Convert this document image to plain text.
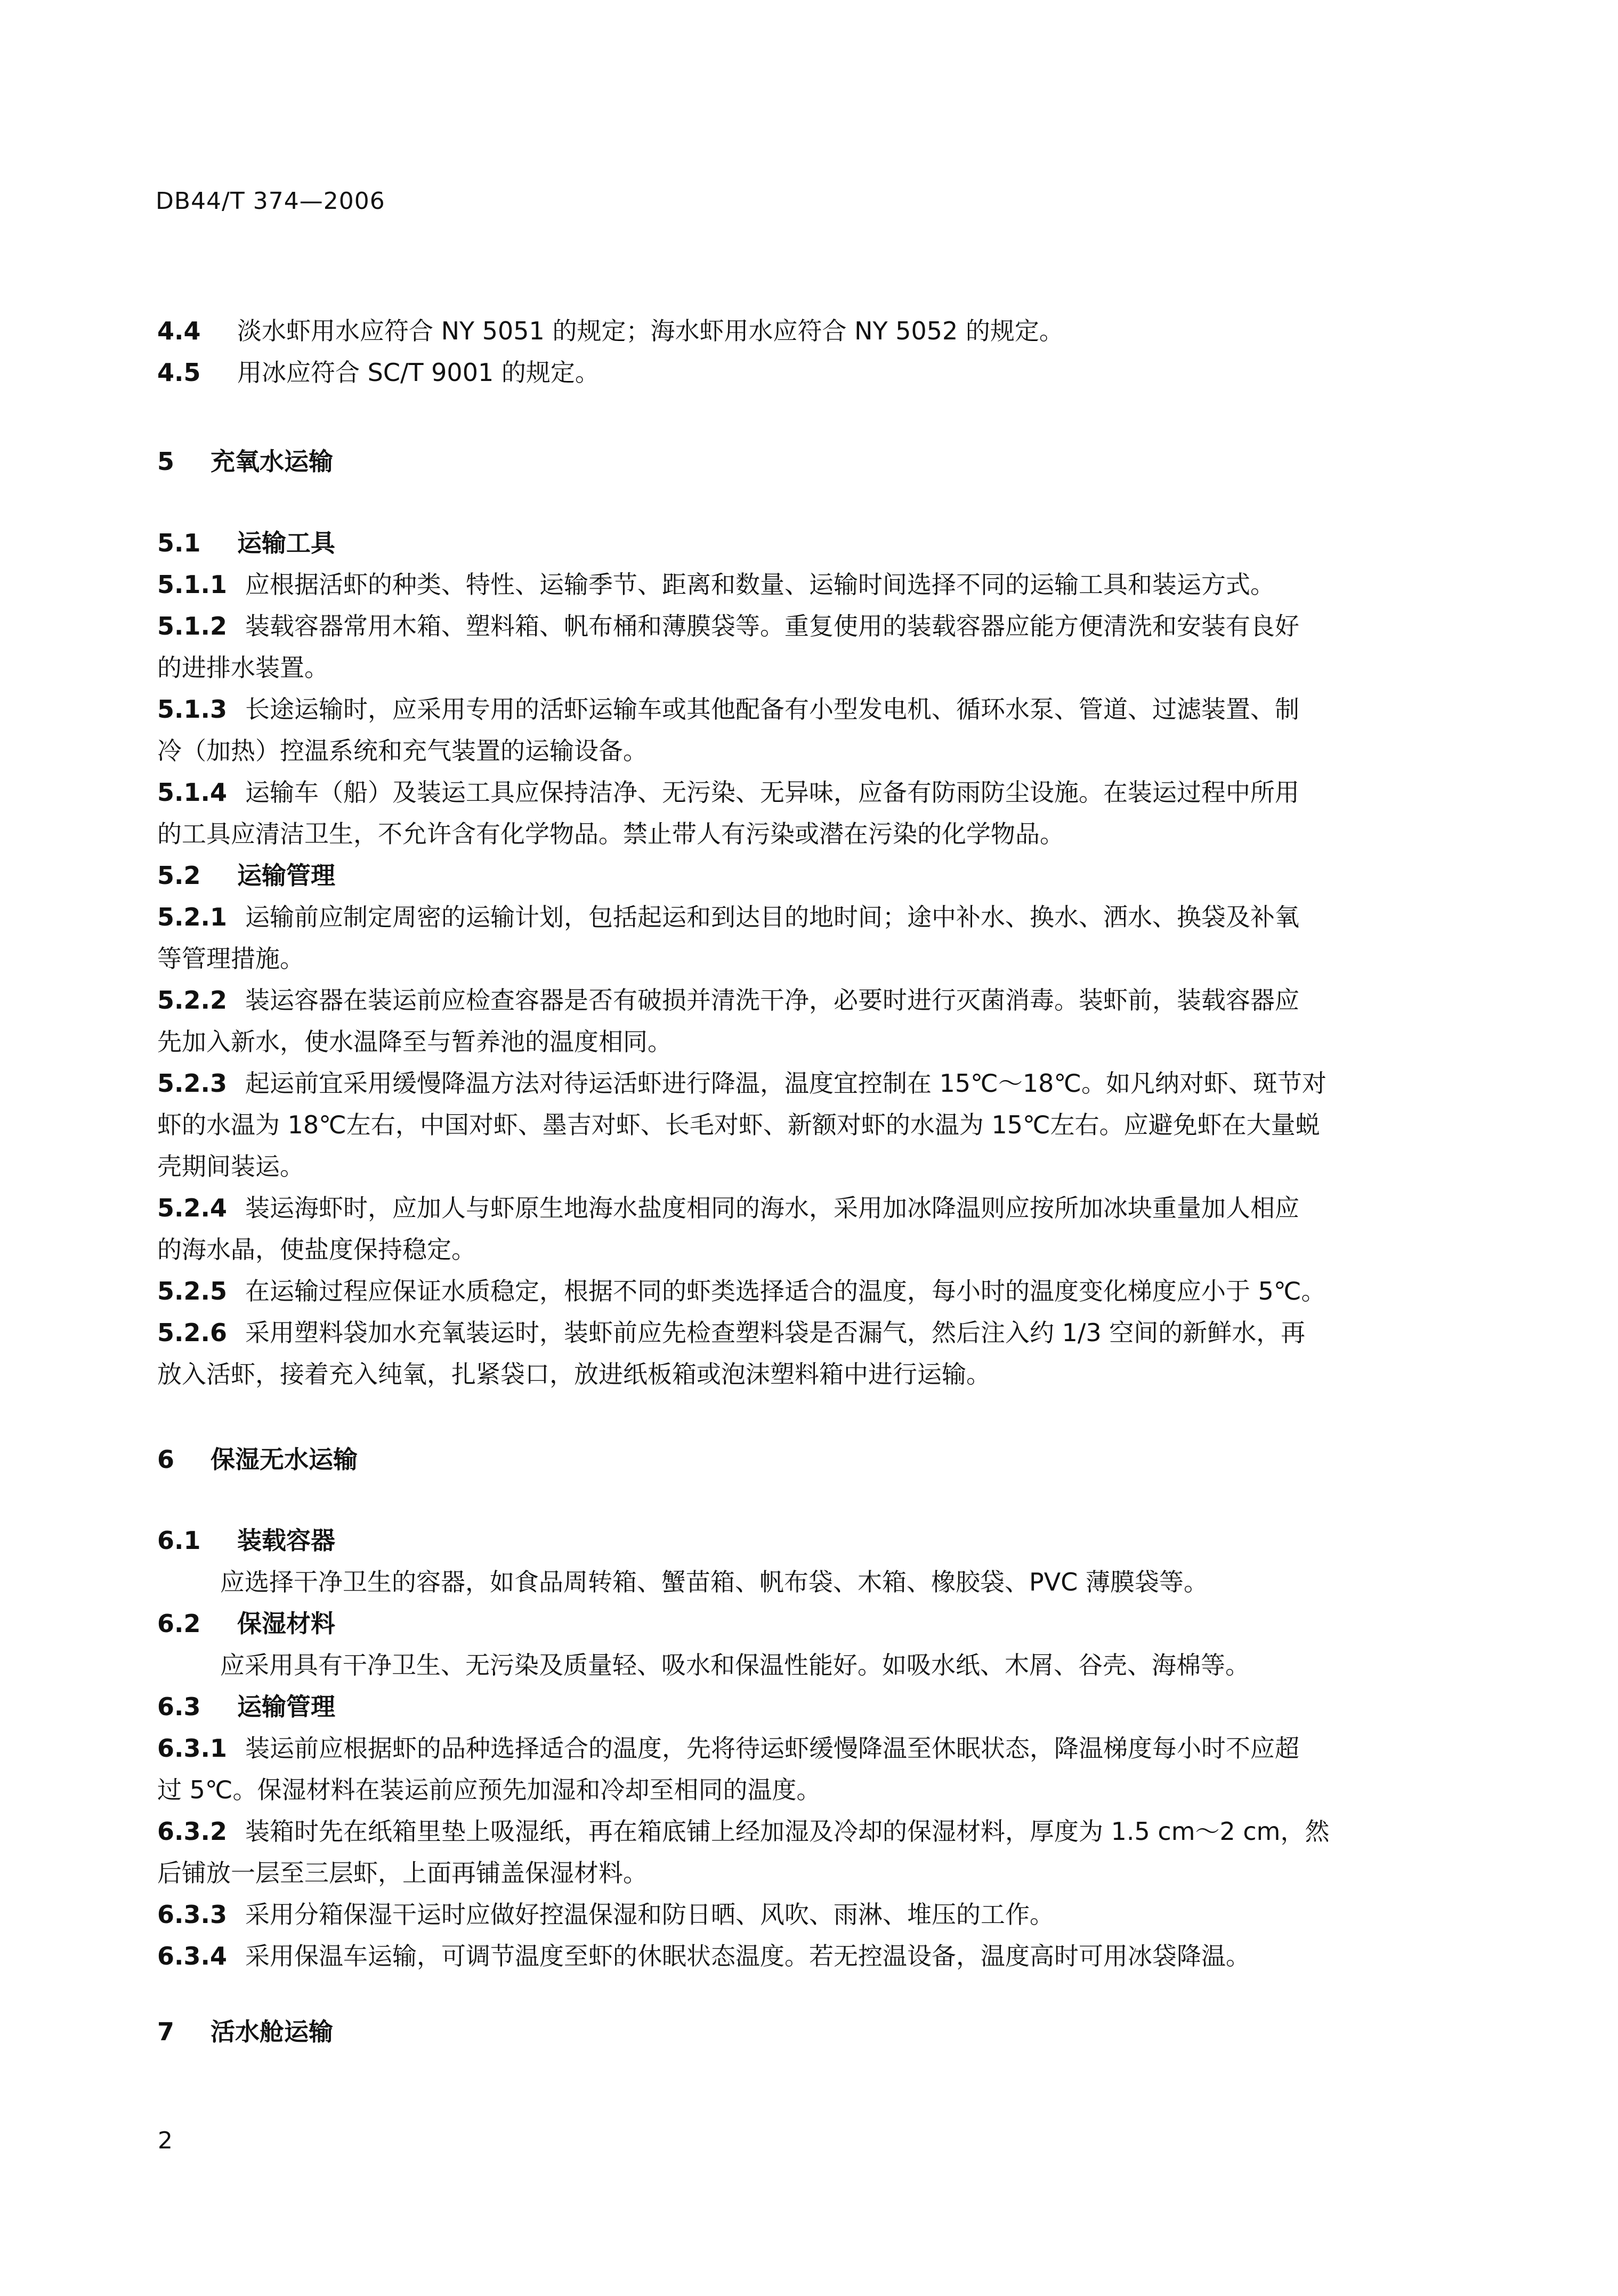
DB44/T 374—2006
4.4 淡水虾用水应符合 NY 5051 的规定；海水虾用水应符合 NY 5052 的规定。
4.5 用冰应符合 SC/T 9001 的规定。
5 充氧水运输
5.1 运输工具
5.1.1 应根据活虾的种类、特性、运输季节、距离和数量、运输时间选择不同的运输工具和装运方式。
5.1.2 装载容器常用木箱、塑料箱、帆布桶和薄膜袋等。重复使用的装载容器应能方便清洗和安装有良好
的进排水装置。
5.1.3 长途运输时，应采用专用的活虾运输车或其他配备有小型发电机、循环水泵、管道、过滤装置、制
冷（加热）控温系统和充气装置的运输设备。
5.1.4 运输车（船）及装运工具应保持洁净、无污染、无异味，应备有防雨防尘设施。在装运过程中所用
的工具应清洁卫生，不允许含有化学物品。禁止带人有污染或潜在污染的化学物品。
5.2 运输管理
5.2.1 运输前应制定周密的运输计划，包括起运和到达目的地时间；途中补水、换水、洒水、换袋及补氧
等管理措施。
5.2.2 装运容器在装运前应检查容器是否有破损并清洗干净，必要时进行灭菌消毒。装虾前，装载容器应
先加入新水，使水温降至与暂养池的温度相同。
5.2.3 起运前宜采用缓慢降温方法对待运活虾进行降温，温度宜控制在 15℃～18℃。如凡纳对虾、斑节对
虾的水温为 18℃左右，中国对虾、墨吉对虾、长毛对虾、新额对虾的水温为 15℃左右。应避免虾在大量蜕
壳期间装运。
5.2.4 装运海虾时，应加人与虾原生地海水盐度相同的海水，采用加冰降温则应按所加冰块重量加人相应
的海水晶，使盐度保持稳定。
5.2.5 在运输过程应保证水质稳定，根据不同的虾类选择适合的温度，每小时的温度变化梯度应小于 5℃。
5.2.6 采用塑料袋加水充氧装运时，装虾前应先检查塑料袋是否漏气，然后注入约 1/3 空间的新鲜水，再
放入活虾，接着充入纯氧，扎紧袋口，放进纸板箱或泡沫塑料箱中进行运输。
6 保湿无水运输
6.1 装载容器
应选择干净卫生的容器，如食品周转箱、蟹苗箱、帆布袋、木箱、橡胶袋、PVC 薄膜袋等。
6.2 保湿材料
应采用具有干净卫生、无污染及质量轻、吸水和保温性能好。如吸水纸、木屑、谷壳、海棉等。
6.3 运输管理
6.3.1 装运前应根据虾的品种选择适合的温度，先将待运虾缓慢降温至休眠状态，降温梯度每小时不应超
过 5℃。保湿材料在装运前应预先加湿和冷却至相同的温度。
6.3.2 装箱时先在纸箱里垫上吸湿纸，再在箱底铺上经加湿及冷却的保湿材料，厚度为 1.5 cm～2 cm，然
后铺放一层至三层虾，上面再铺盖保湿材料。
6.3.3 采用分箱保湿干运时应做好控温保湿和防日晒、风吹、雨淋、堆压的工作。
6.3.4 采用保温车运输，可调节温度至虾的休眠状态温度。若无控温设备，温度高时可用冰袋降温。
7 活水舱运输
2
